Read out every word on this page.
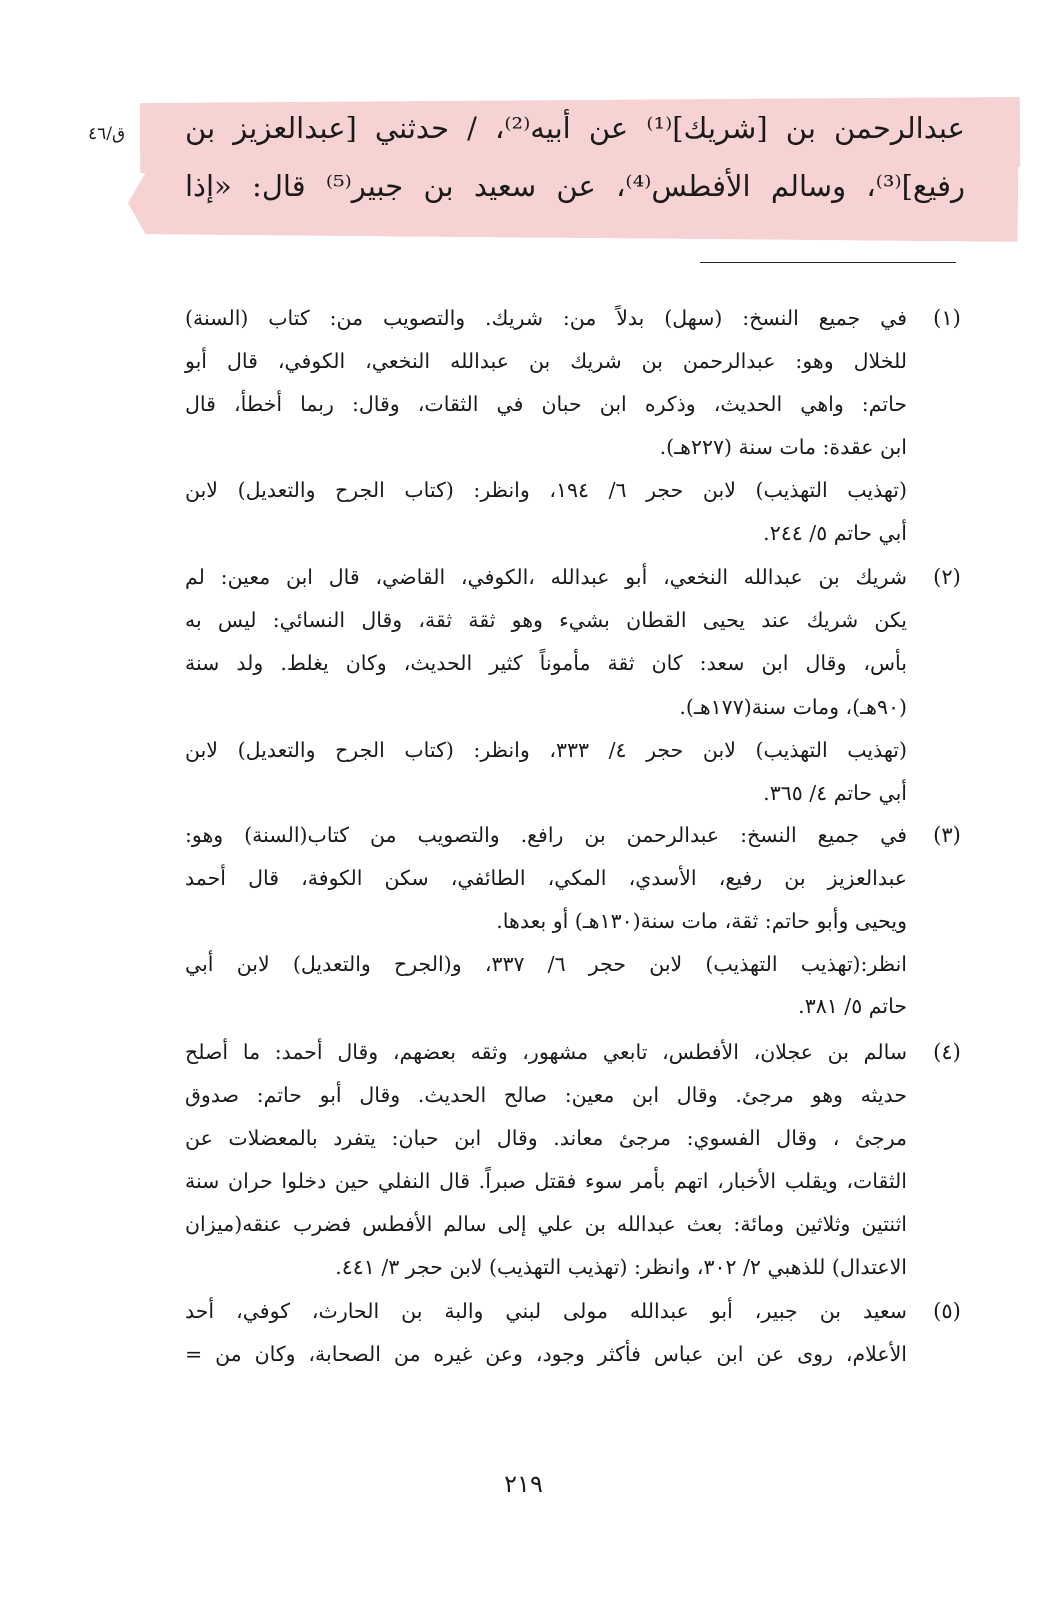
ق/٤٦ عبدالرحمن بن [شريك]⁽¹⁾ عن أبيه⁽²⁾، / حدثني [عبدالعزيز بن
رفيع]⁽³⁾، وسالم الأفطس⁽⁴⁾، عن سعيد بن جبير⁽⁵⁾ قال: «إذا
(١)
في جميع النسخ: (سهل) بدلاً من: شريك. والتصويب من: كتاب (السنة)
للخلال وهو: عبدالرحمن بن شريك بن عبدالله النخعي، الكوفي، قال أبو
حاتم: واهي الحديث، وذكره ابن حبان في الثقات، وقال: ربما أخطأ، قال
ابن عقدة: مات سنة (٢٢٧هـ).
(تهذيب التهذيب) لابن حجر ٦/ ١٩٤، وانظر: (كتاب الجرح والتعديل) لابن
أبي حاتم ٥/ ٢٤٤.
(٢)
شريك بن عبدالله النخعي، أبو عبدالله ،الكوفي، القاضي، قال ابن معين: لم
يكن شريك عند يحيى القطان بشيء وهو ثقة ثقة، وقال النسائي: ليس به
بأس، وقال ابن سعد: كان ثقة مأموناً كثير الحديث، وكان يغلط. ولد سنة
(٩٠هـ)، ومات سنة(١٧٧هـ).
(تهذيب التهذيب) لابن حجر ٤/ ٣٣٣، وانظر: (كتاب الجرح والتعديل) لابن
أبي حاتم ٤/ ٣٦٥.
(٣)
في جميع النسخ: عبدالرحمن بن رافع. والتصويب من كتاب(السنة) وهو:
عبدالعزيز بن رفيع، الأسدي، المكي، الطائفي، سكن الكوفة، قال أحمد
ويحيى وأبو حاتم: ثقة، مات سنة(١٣٠هـ) أو بعدها.
انظر:(تهذيب التهذيب) لابن حجر ٦/ ٣٣٧، و(الجرح والتعديل) لابن أبي
حاتم ٥/ ٣٨١.
(٤)
سالم بن عجلان، الأفطس، تابعي مشهور، وثقه بعضهم، وقال أحمد: ما أصلح
حديثه وهو مرجئ. وقال ابن معين: صالح الحديث. وقال أبو حاتم: صدوق
مرجئ ، وقال الفسوي: مرجئ معاند. وقال ابن حبان: يتفرد بالمعضلات عن
الثقات، ويقلب الأخبار، اتهم بأمر سوء فقتل صبراً. قال النفلي حين دخلوا حران سنة
اثنتين وثلاثين ومائة: بعث عبدالله بن علي إلى سالم الأفطس فضرب عنقه(ميزان
الاعتدال) للذهبي ٢/ ٣٠٢، وانظر: (تهذيب التهذيب) لابن حجر ٣/ ٤٤١.
(٥)
سعيد بن جبير، أبو عبدالله مولى لبني والبة بن الحارث، كوفي، أحد
الأعلام، روى عن ابن عباس فأكثر وجود، وعن غيره من الصحابة، وكان من =
٢١٩
